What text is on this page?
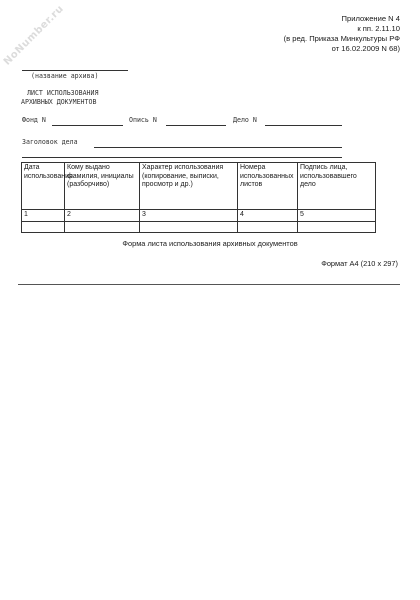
NoNumber.ru	Приложение N 4
к пп. 2.11.10
(в ред. Приказа Минкультуры РФ
от 16.02.2009 N 68)
(название архива)
ЛИСТ ИСПОЛЬЗОВАНИЯ
АРХИВНЫХ ДОКУМЕНТОВ
Фонд N	Опись N	Дело N
Заголовок дела
Дата использования	Кому выдано фамилия, инициалы (разборчиво)	Характер использования (копирование, выписки, просмотр и др.)	Номера использованных листов	Подпись лица, использовавшего дело
1	2	3	4	5

Форма листа использования архивных документов
Формат А4 (210 x 297)
